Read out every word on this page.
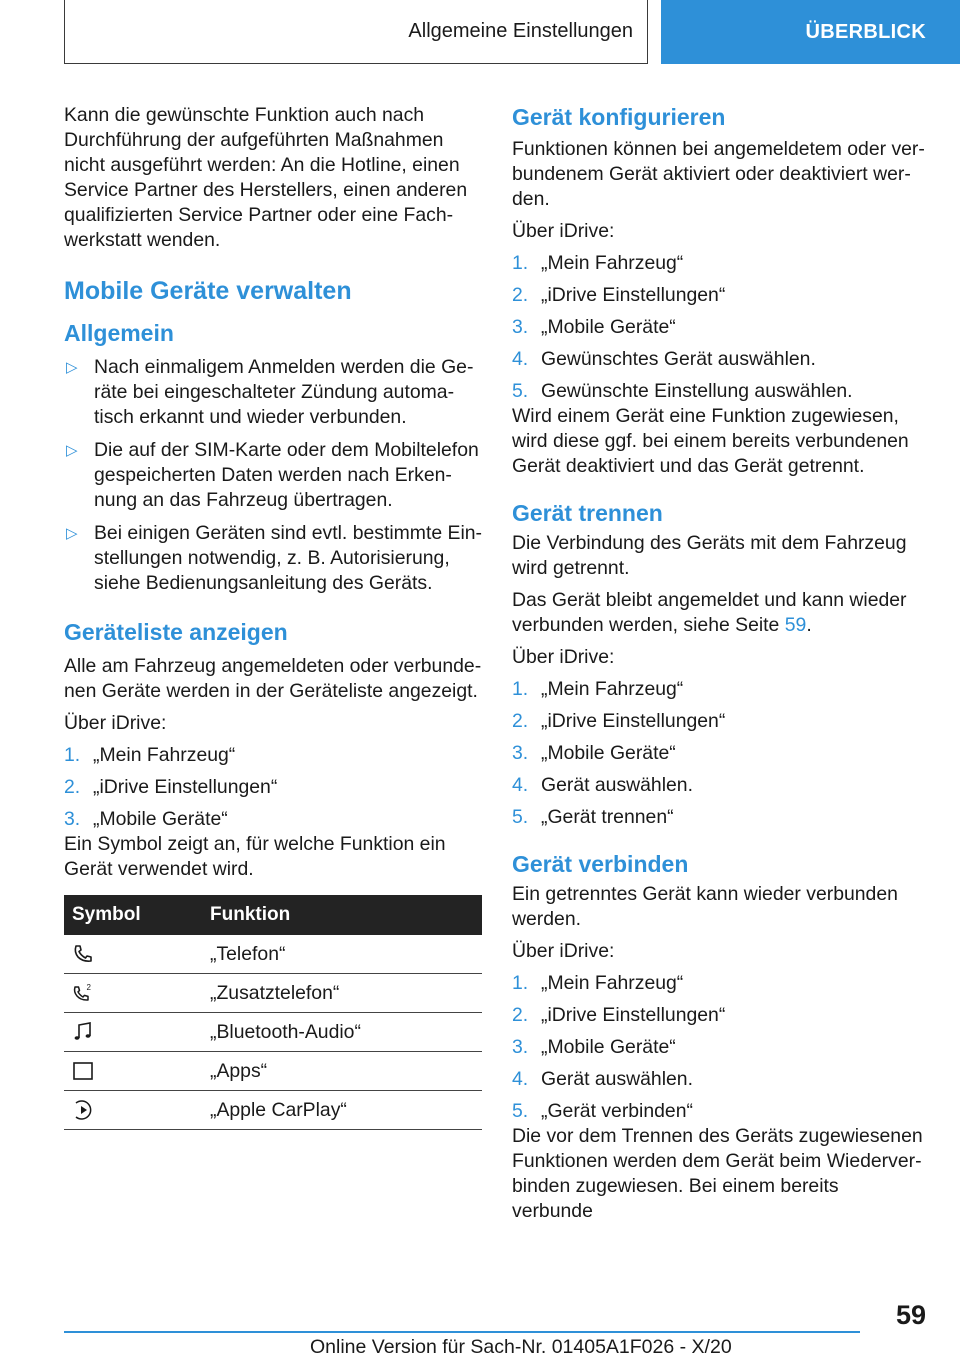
Allgemeine Einstellungen	ÜBERBLICK

Kann die gewünschte Funktion auch nach Durchführung der aufgeführten Maßnahmen nicht ausgeführt werden: An die Hotline, einen Service Partner des Herstellers, einen anderen qualifizierten Service Partner oder eine Fachwerkstatt wenden.

Mobile Geräte verwalten
Allgemein
▷ Nach einmaligem Anmelden werden die Geräte bei eingeschalteter Zündung automatisch erkannt und wieder verbunden.
▷ Die auf der SIM-Karte oder dem Mobiltelefon gespeicherten Daten werden nach Erkennung an das Fahrzeug übertragen.
▷ Bei einigen Geräten sind evtl. bestimmte Einstellungen notwendig, z. B. Autorisierung, siehe Bedienungsanleitung des Geräts.
Geräteliste anzeigen

Alle am Fahrzeug angemeldeten oder verbundenen Geräte werden in der Geräteliste angezeigt.

Über iDrive:

1. „Mein Fahrzeug“
2. „iDrive Einstellungen“
3. „Mobile Geräte“

Ein Symbol zeigt an, für welche Funktion ein Gerät verwendet wird.

Symbol	Funktion
	„Telefon“

2	„Zusatztelefon“
	„Bluetooth-Audio“
	„Apps“
	„Apple CarPlay“
Gerät konfigurieren

Funktionen können bei angemeldetem oder verbundenem Gerät aktiviert oder deaktiviert werden.

Über iDrive:

1. „Mein Fahrzeug“
2. „iDrive Einstellungen“
3. „Mobile Geräte“
4. Gewünschtes Gerät auswählen.
5. Gewünschte Einstellung auswählen.

Wird einem Gerät eine Funktion zugewiesen, wird diese ggf. bei einem bereits verbundenen Gerät deaktiviert und das Gerät getrennt.

Gerät trennen

Die Verbindung des Geräts mit dem Fahrzeug wird getrennt.

Das Gerät bleibt angemeldet und kann wieder verbunden werden, siehe Seite 59.

Über iDrive:

1. „Mein Fahrzeug“
2. „iDrive Einstellungen“
3. „Mobile Geräte“
4. Gerät auswählen.
5. „Gerät trennen“
Gerät verbinden

Ein getrenntes Gerät kann wieder verbunden werden.

Über iDrive:

1. „Mein Fahrzeug“
2. „iDrive Einstellungen“
3. „Mobile Geräte“
4. Gerät auswählen.
5. „Gerät verbinden“

Die vor dem Trennen des Geräts zugewiesenen Funktionen werden dem Gerät beim Wiederverbinden zugewiesen. Bei einem bereits verbunde

59
Online Version für Sach-Nr. 01405A1F026 - X/20
